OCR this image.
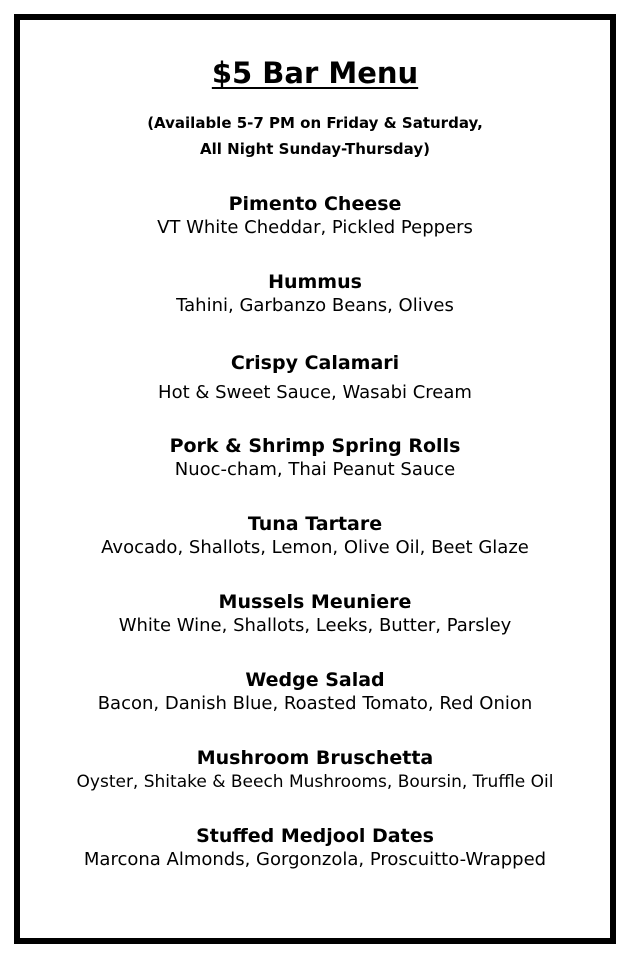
$5 Bar Menu
(Available 5-7 PM on Friday & Saturday,
All Night Sunday-Thursday)
Pimento Cheese
VT White Cheddar, Pickled Peppers
Hummus
Tahini, Garbanzo Beans, Olives
Crispy Calamari
Hot & Sweet Sauce, Wasabi Cream
Pork & Shrimp Spring Rolls
Nuoc-cham, Thai Peanut Sauce
Tuna Tartare
Avocado, Shallots, Lemon, Olive Oil, Beet Glaze
Mussels Meuniere
White Wine, Shallots, Leeks, Butter, Parsley
Wedge Salad
Bacon, Danish Blue, Roasted Tomato, Red Onion
Mushroom Bruschetta
Oyster, Shitake & Beech Mushrooms, Boursin, Truffle Oil
Stuffed Medjool Dates
Marcona Almonds, Gorgonzola, Proscuitto-Wrapped
